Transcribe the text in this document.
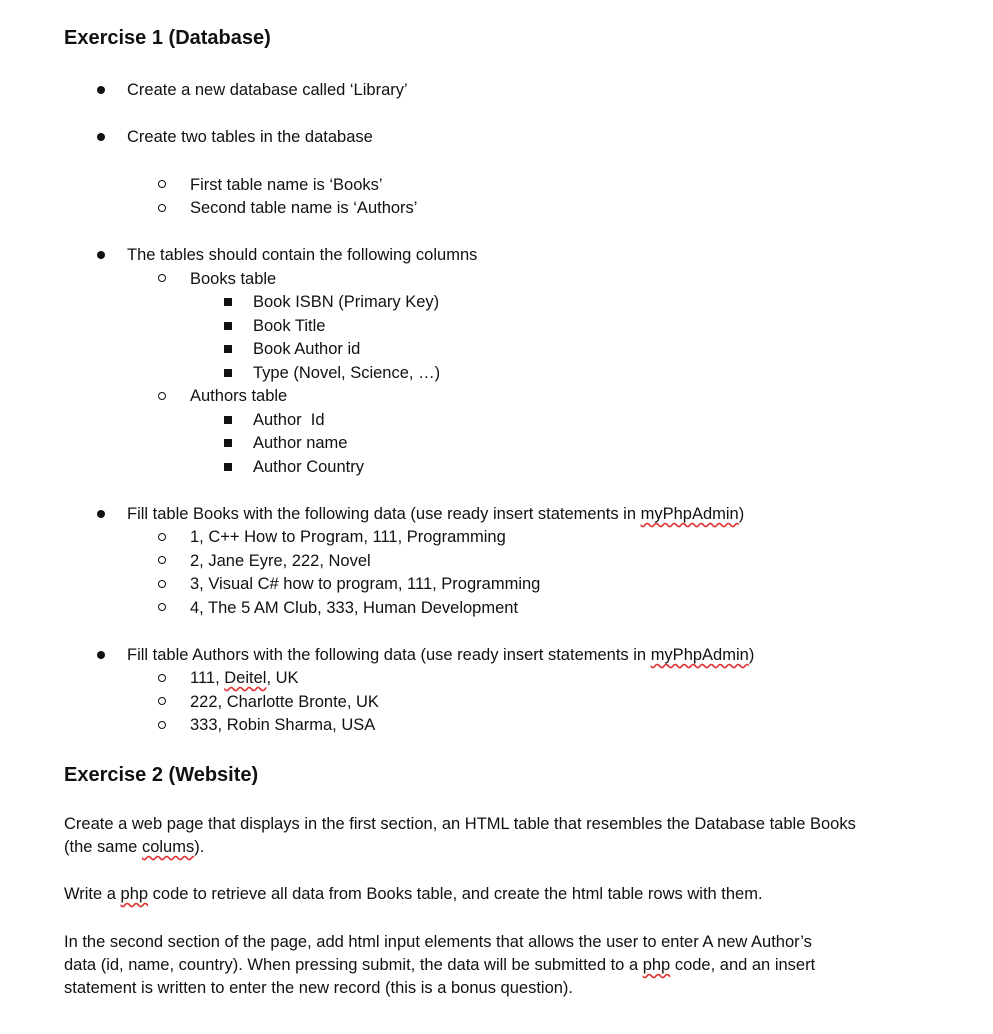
Exercise 1 (Database)
Create a new database called ‘Library’
Create two tables in the database
First table name is ‘Books’
Second table name is ‘Authors’
The tables should contain the following columns
Books table
Book ISBN (Primary Key)
Book Title
Book Author id
Type (Novel, Science, …)
Authors table
Author  Id
Author name
Author Country
Fill table Books with the following data (use ready insert statements in myPhpAdmin)
1, C++ How to Program, 111, Programming
2, Jane Eyre, 222, Novel
3, Visual C# how to program, 111, Programming
4, The 5 AM Club, 333, Human Development
Fill table Authors with the following data (use ready insert statements in myPhpAdmin)
111, Deitel, UK
222, Charlotte Bronte, UK
333, Robin Sharma, USA
Exercise 2 (Website)
Create a web page that displays in the first section, an HTML table that resembles the Database table Books
(the same colums).
Write a php code to retrieve all data from Books table, and create the html table rows with them.
In the second section of the page, add html input elements that allows the user to enter A new Author’s
data (id, name, country). When pressing submit, the data will be submitted to a php code, and an insert
statement is written to enter the new record (this is a bonus question).
